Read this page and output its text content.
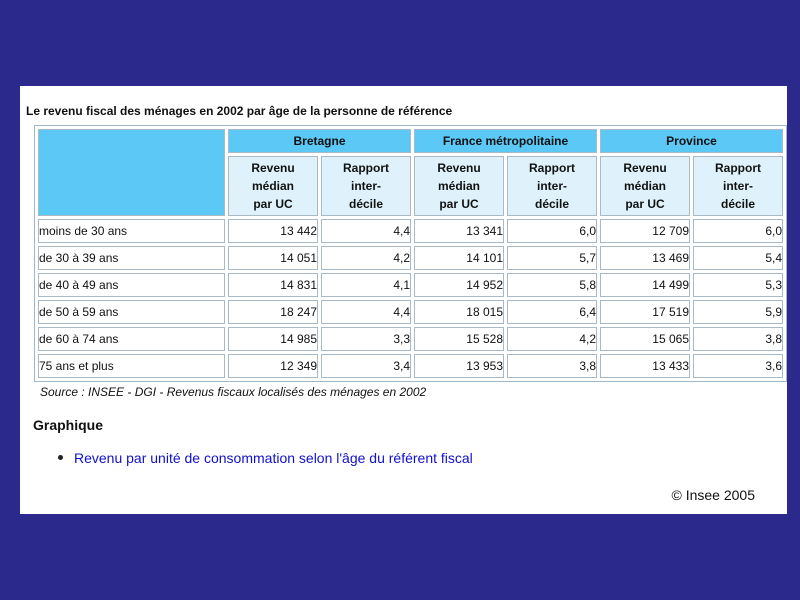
Le revenu fiscal des ménages en 2002 par âge de la personne de référence
	Bretagne		France métropolitaine		Province	
	Revenu
médian
par UC	Rapport
inter-
décile	Revenu
médian
par UC	Rapport
inter-
décile	Revenu
médian
par UC	Rapport
inter-
décile
moins de 30 ans	13 442	4,4	13 341	6,0	12 709	6,0
de 30 à 39 ans	14 051	4,2	14 101	5,7	13 469	5,4
de 40 à 49 ans	14 831	4,1	14 952	5,8	14 499	5,3
de 50 à 59 ans	18 247	4,4	18 015	6,4	17 519	5,9
de 60 à 74 ans	14 985	3,3	15 528	4,2	15 065	3,8
75 ans et plus	12 349	3,4	13 953	3,8	13 433	3,6
Source : INSEE - DGI - Revenus fiscaux localisés des ménages en 2002
Graphique
Revenu par unité de consommation selon l'âge du référent fiscal
© Insee 2005
